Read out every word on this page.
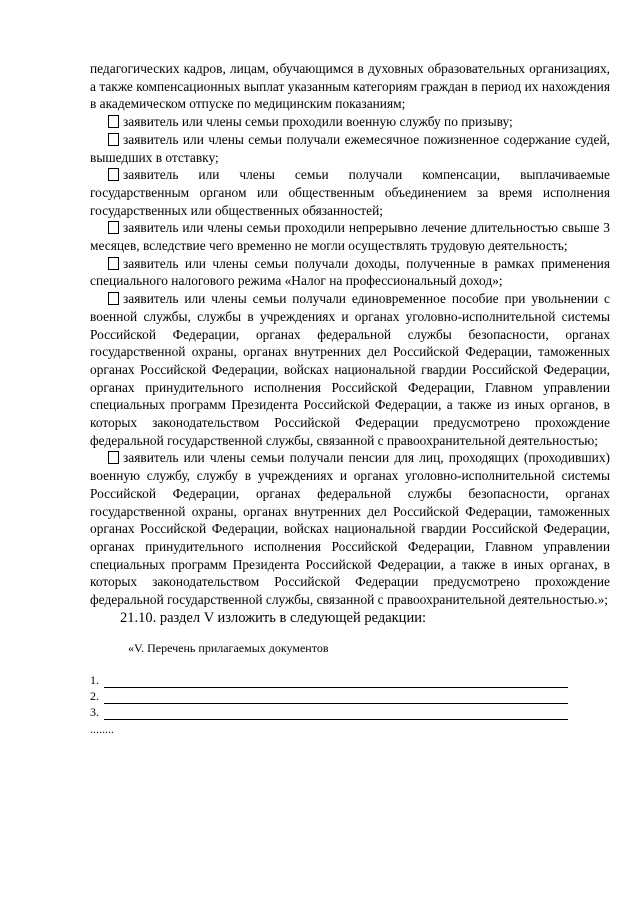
педагогических кадров, лицам, обучающимся в духовных образовательных организациях, а также компенсационных выплат указанным категориям граждан в период их нахождения в академическом отпуске по медицинским показаниям;

заявитель или члены семьи проходили военную службу по призыву;

заявитель или члены семьи получали ежемесячное пожизненное содержание судей, вышедших в отставку;

заявитель или члены семьи получали компенсации, выплачиваемые государственным органом или общественным объединением за время исполнения государственных или общественных обязанностей;

заявитель или члены семьи проходили непрерывно лечение длительностью свыше 3 месяцев, вследствие чего временно не могли осуществлять трудовую деятельность;

заявитель или члены семьи получали доходы, полученные в рамках применения специального налогового режима «Налог на профессиональный доход»;

заявитель или члены семьи получали единовременное пособие при увольнении с военной службы, службы в учреждениях и органах уголовно-исполнительной системы Российской Федерации, органах федеральной службы безопасности, органах государственной охраны, органах внутренних дел Российской Федерации, таможенных органах Российской Федерации, войсках национальной гвардии Российской Федерации, органах принудительного исполнения Российской Федерации, Главном управлении специальных программ Президента Российской Федерации, а также из иных органов, в которых законодательством Российской Федерации предусмотрено прохождение федеральной государственной службы, связанной с правоохранительной деятельностью;

заявитель или члены семьи получали пенсии для лиц, проходящих (проходивших) военную службу, службу в учреждениях и органах уголовно-исполнительной системы Российской Федерации, органах федеральной службы безопасности, органах государственной охраны, органах внутренних дел Российской Федерации, таможенных органах Российской Федерации, войсках национальной гвардии Российской Федерации, органах принудительного исполнения Российской Федерации, Главном управлении специальных программ Президента Российской Федерации, а также в иных органах, в которых законодательством Российской Федерации предусмотрено прохождение федеральной государственной службы, связанной с правоохранительной деятельностью.»;

21.10. раздел V изложить в следующей редакции:

«V. Перечень прилагаемых документов

1.
2.
3.
........
